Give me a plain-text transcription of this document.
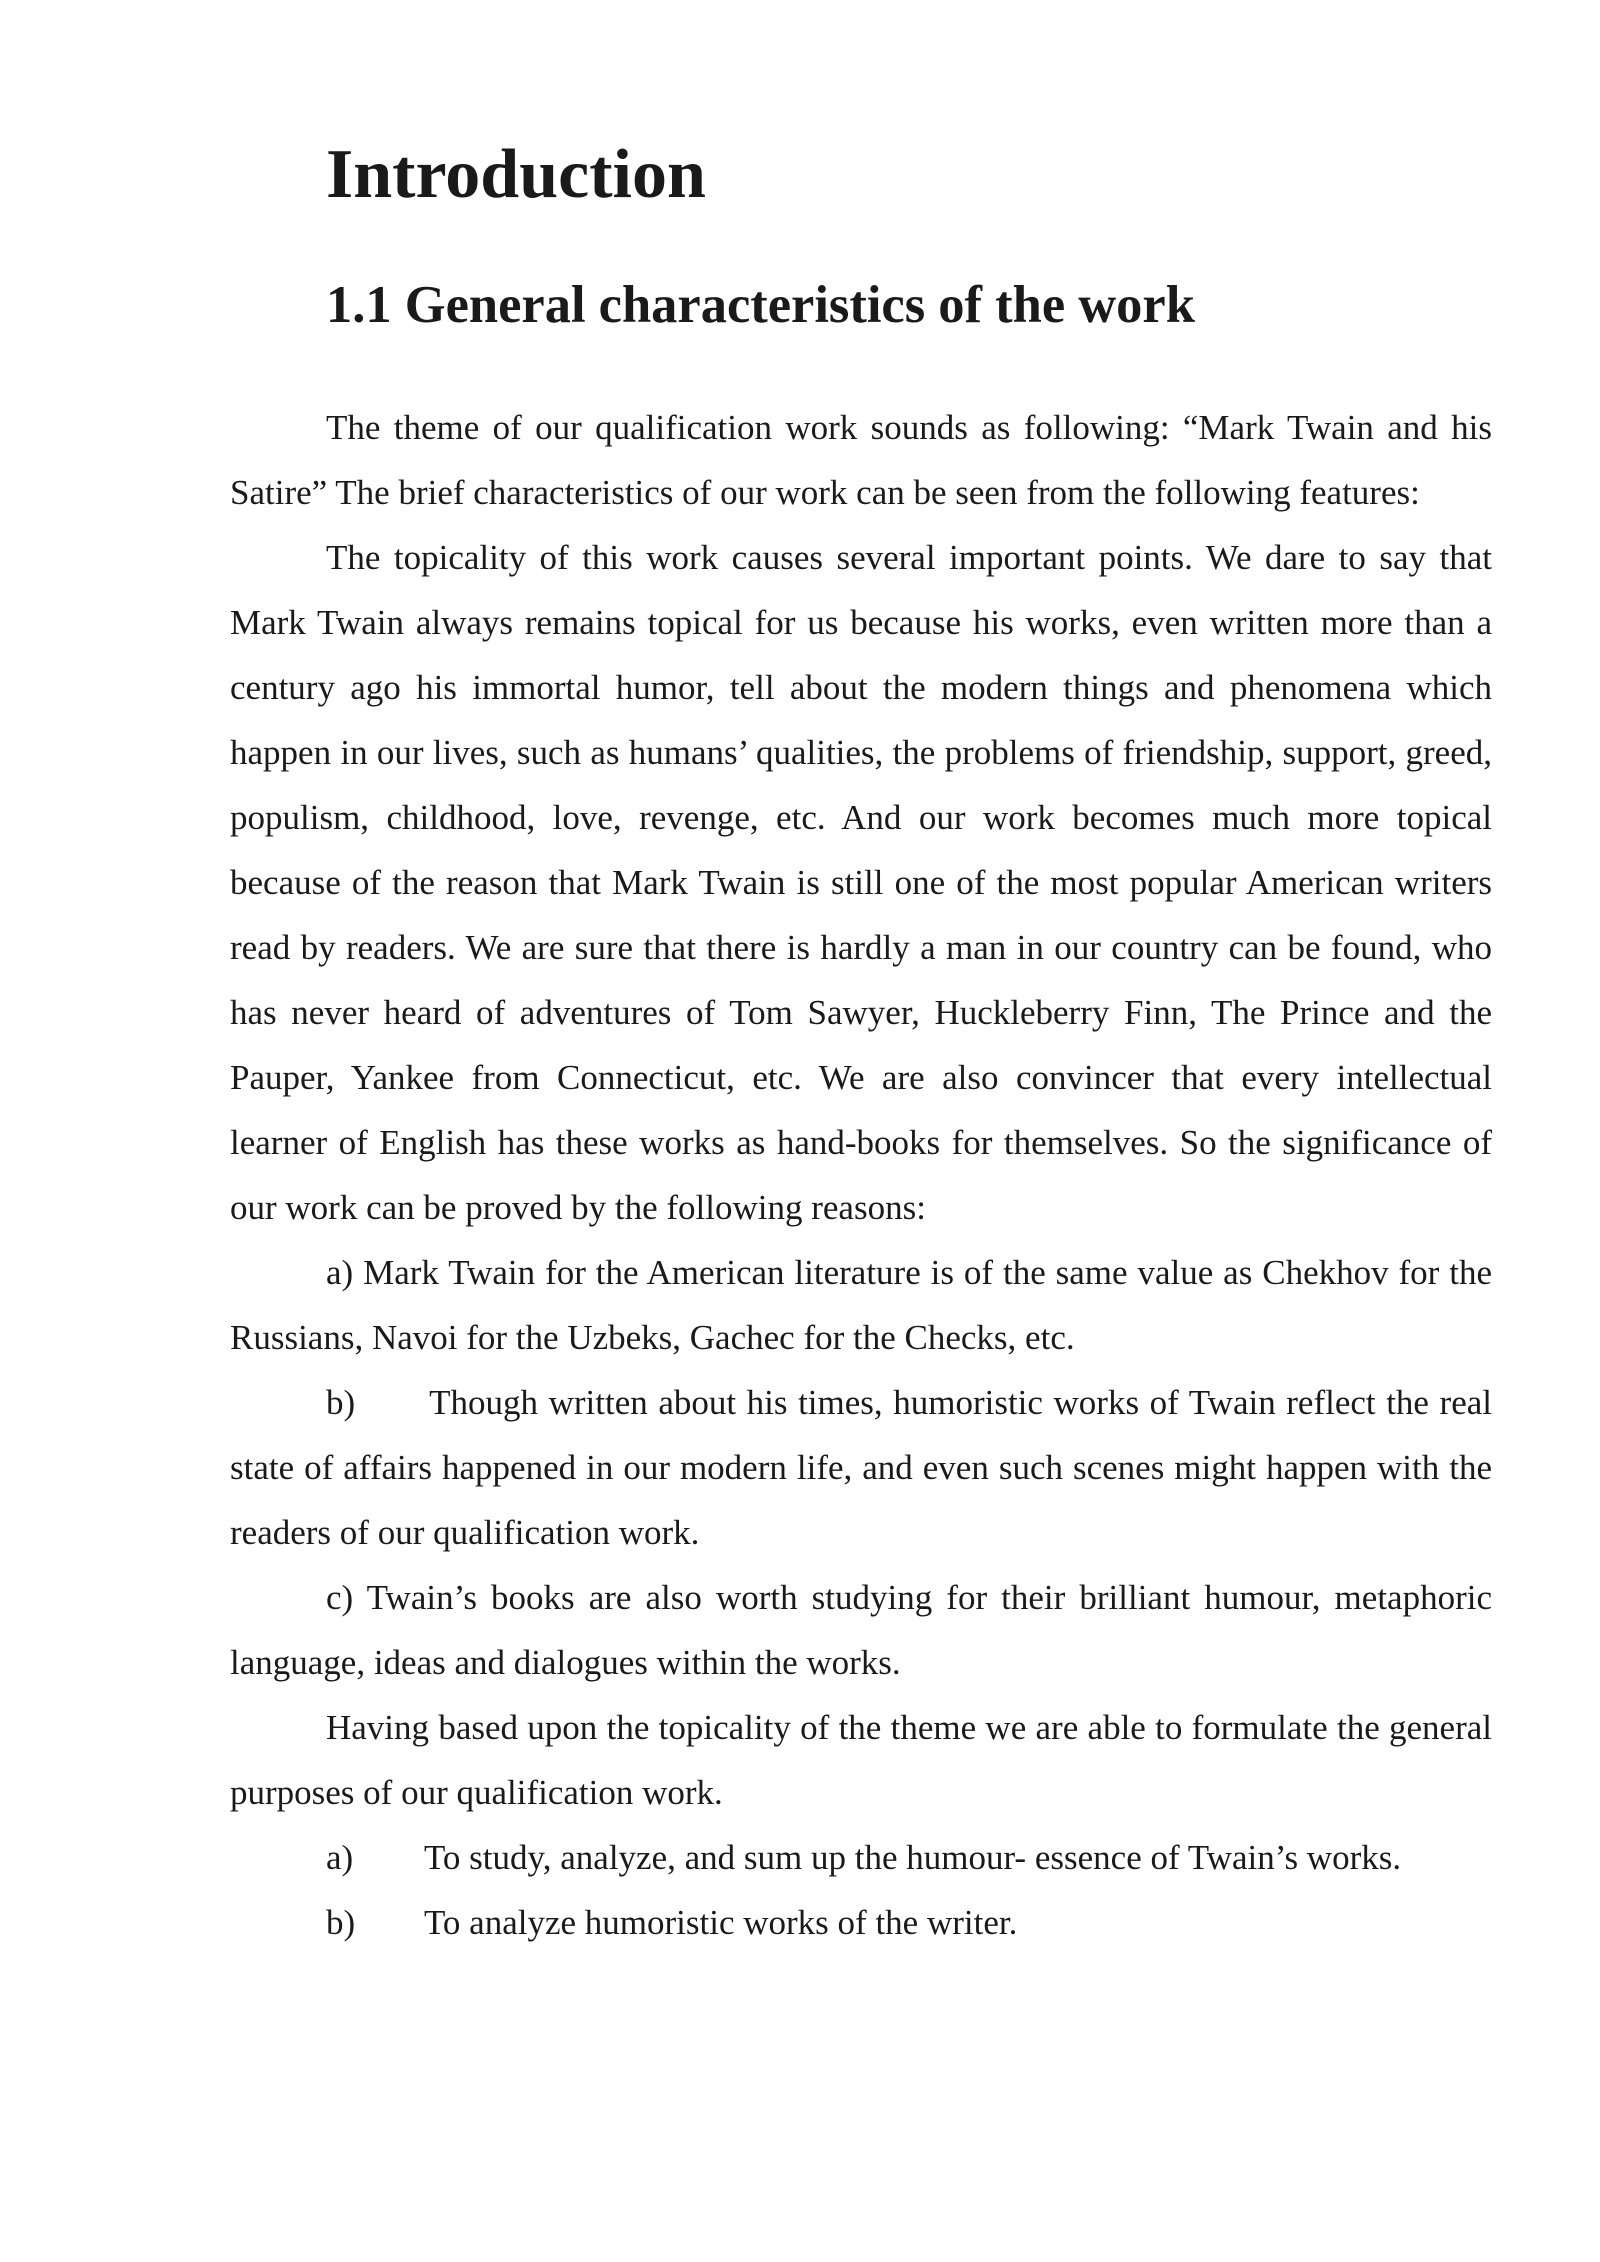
Introduction
1.1 General characteristics of the work

The theme of our qualification work sounds as following: “Mark Twain and his Satire” The brief characteristics of our work can be seen from the following features:

The topicality of this work causes several important points. We dare to say that Mark Twain always remains topical for us because his works, even written more than a century ago his immortal humor, tell about the modern things and phenomena which happen in our lives, such as humans’ qualities, the problems of friendship, support, greed, populism, childhood, love, revenge, etc. And our work becomes much more topical because of the reason that Mark Twain is still one of the most popular American writers read by readers. We are sure that there is hardly a man in our country can be found, who has never heard of adventures of Tom Sawyer, Huckleberry Finn, The Prince and the Pauper, Yankee from Connecticut, etc. We are also convincer that every intellectual learner of English has these works as hand-books for themselves. So the significance of our work can be proved by the following reasons:

a) Mark Twain for the American literature is of the same value as Chekhov for the Russians, Navoi for the Uzbeks, Gachec for the Checks, etc.

b)       Though written about his times, humoristic works of Twain reflect the real state of affairs happened in our modern life, and even such scenes might happen with the readers of our qualification work.

c) Twain’s books are also worth studying for their brilliant humour, metaphoric language, ideas and dialogues within the works.

Having based upon the topicality of the theme we are able to formulate the general purposes of our qualification work.

a)	To study, analyze, and sum up the humour- essence of Twain’s works.
b)	To analyze humoristic works of the writer.
